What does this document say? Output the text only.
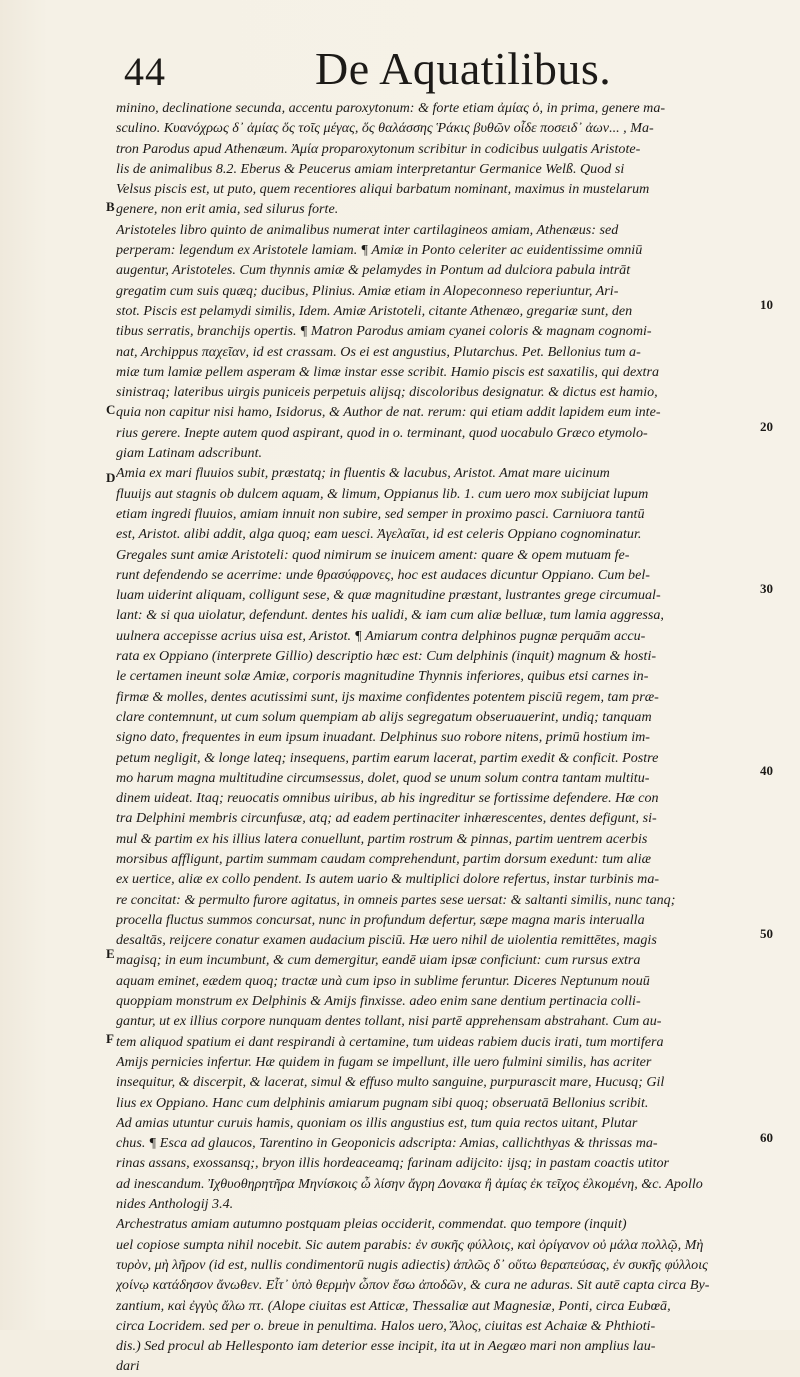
44	De Aquatilibus.
minino, declinatione secunda, accentu paroxytonum: & forte etiam ἀμίας ὁ, in prima, genere ma-
sculino. Κυανόχρως δ᾽ ἀμίας ὅς τοῖς μέγας, ὅς θαλάσσης Ῥάκις βυθῶν οἶδε ποσειδ᾽ ἀων... , Ma-
tron Parodus apud Athenæum. Ἀμία proparoxytonum scribitur in codicibus uulgatis Aristote-
lis de animalibus 8.2. Eberus & Peucerus amiam interpretantur Germanice Welß. Quod si
Velsus piscis est, ut puto, quem recentiores aliqui barbatum nominant, maximus in mustelarum
genere, non erit amia, sed silurus forte.
Aristoteles libro quinto de animalibus numerat inter cartilagineos amiam, Athenæus: sed
perperam: legendum ex Aristotele lamiam. ¶ Amiæ in Ponto celeriter ac euidentissime omniū
augentur, Aristoteles. Cum thynnis amiæ & pelamydes in Pontum ad dulciora pabula intrāt
gregatim cum suis quæq; ducibus, Plinius. Amiæ etiam in Alopeconneso reperiuntur, Ari-
stot. Piscis est pelamydi similis, Idem. Amiæ Aristoteli, citante Athenæo, gregariæ sunt, den
tibus serratis, branchijs opertis. ¶ Matron Parodus amiam cyanei coloris & magnam cognomi-
nat, Archippus παχεῖαν, id est crassam. Os ei est angustius, Plutarchus. Pet. Bellonius tum a-
miæ tum lamiæ pellem asperam & limæ instar esse scribit. Hamio piscis est saxatilis, qui dextra
sinistraq; lateribus uirgis puniceis perpetuis alijsq; discoloribus designatur. & dictus est hamio,
quia non capitur nisi hamo, Isidorus, & Author de nat. rerum: qui etiam addit lapidem eum inte-
rius gerere. Inepte autem quod aspirant, quod in o. terminant, quod uocabulo Græco etymolo-
giam Latinam adscribunt.
Amia ex mari fluuios subit, præstatq; in fluentis & lacubus, Aristot. Amat mare uicinum
fluuijs aut stagnis ob dulcem aquam, & limum, Oppianus lib. 1. cum uero mox subijciat lupum
etiam ingredi fluuios, amiam innuit non subire, sed semper in proximo pasci. Carniuora tantū
est, Aristot. alibi addit, alga quoq; eam uesci. Ἀγελαῖαι, id est celeris Oppiano cognominatur.
Gregales sunt amiæ Aristoteli: quod nimirum se inuicem ament: quare & opem mutuam fe-
runt defendendo se acerrime: unde θρασύφρονες, hoc est audaces dicuntur Oppiano. Cum bel-
luam uiderint aliquam, colligunt sese, & quæ magnitudine præstant, lustrantes grege circumual-
lant: & si qua uiolatur, defendunt. dentes his ualidi, & iam cum aliæ belluæ, tum lamia aggressa,
uulnera accepisse acrius uisa est, Aristot. ¶ Amiarum contra delphinos pugnæ perquām accu-
rata ex Oppiano (interprete Gillio) descriptio hæc est: Cum delphinis (inquit) magnum & hosti-
le certamen ineunt solæ Amiæ, corporis magnitudine Thynnis inferiores, quibus etsi carnes in-
firmæ & molles, dentes acutissimi sunt, ijs maxime confidentes potentem pisciū regem, tam præ-
clare contemnunt, ut cum solum quempiam ab alijs segregatum obseruauerint, undiq; tanquam
signo dato, frequentes in eum ipsum inuadant. Delphinus suo robore nitens, primū hostium im-
petum negligit, & longe lateq; insequens, partim earum lacerat, partim exedit & conficit. Postre
mo harum magna multitudine circumsessus, dolet, quod se unum solum contra tantam multitu-
dinem uideat. Itaq; reuocatis omnibus uiribus, ab his ingreditur se fortissime defendere. Hæ con
tra Delphini membris circunfusæ, atq; ad eadem pertinaciter inhærescentes, dentes defigunt, si-
mul & partim ex his illius latera conuellunt, partim rostrum & pinnas, partim uentrem acerbis
morsibus affligunt, partim summam caudam comprehendunt, partim dorsum exedunt: tum aliæ
ex uertice, aliæ ex collo pendent. Is autem uario & multiplici dolore refertus, instar turbinis ma-
re concitat: & permulto furore agitatus, in omneis partes sese uersat: & saltanti similis, nunc tanq;
procella fluctus summos concursat, nunc in profundum defertur, sæpe magna maris interualla
desaltās, reijcere conatur examen audacium pisciū. Hæ uero nihil de uiolentia remittētes, magis
magisq; in eum incumbunt, & cum demergitur, eandē uiam ipsæ conficiunt: cum rursus extra
aquam eminet, eædem quoq; tractæ unà cum ipso in sublime feruntur. Diceres Neptunum nouū
quoppiam monstrum ex Delphinis & Amijs finxisse. adeo enim sane dentium pertinacia colli-
gantur, ut ex illius corpore nunquam dentes tollant, nisi partē apprehensam abstrahant. Cum au-
tem aliquod spatium ei dant respirandi à certamine, tum uideas rabiem ducis irati, tum mortifera
Amijs pernicies infertur. Hæ quidem in fugam se impellunt, ille uero fulmini similis, has acriter
insequitur, & discerpit, & lacerat, simul & effuso multo sanguine, purpurascit mare, Hucusq; Gil
lius ex Oppiano. Hanc cum delphinis amiarum pugnam sibi quoq; obseruatā Bellonius scribit.
Ad amias utuntur curuis hamis, quoniam os illis angustius est, tum quia rectos uitant, Plutar
chus. ¶ Esca ad glaucos, Tarentino in Geoponicis adscripta: Amias, callichthyas & thrissas ma-
rinas assans, exossansq;, bryon illis hordeaceamq; farinam adijcito: ijsq; in pastam coactis utitor
ad inescandum. Ἰχθυοθηρητῆρα Μηνίσκοις ὦ λίσην ἄγρη Δονακα ἢ ἀμίας ἐκ τεῖχος ἐλκομένη, &c. Apollo
nides Anthologij 3.4.
Archestratus amiam autumno postquam pleias occiderit, commendat. quo tempore (inquit)
uel copiose sumpta nihil nocebit. Sic autem parabis: ἐν συκῆς φύλλοις, καὶ ὀρίγανον οὐ μάλα πολλῷ, Μὴ
τυρὸν, μὴ λῆρον (id est, nullis condimentorū nugis adiectis) ἁπλῶς δ᾽ οὕτω θεραπεύσας, ἐν συκῆς φύλλοις
χοίνῳ κατάδησον ἄνωθεν. Εἶτ᾽ ὑπὸ θερμὴν ὦπον ἔσω ἀποδῶν, & cura ne aduras. Sit autē capta circa By-
zantium, καὶ ἐγγὺς ἄλω πτ. (Alope ciuitas est Atticæ, Thessaliæ aut Magnesiæ, Ponti, circa Eubœā,
circa Locridem. sed per o. breue in penultima. Halos uero, Ἅλος, ciuitas est Achaiæ & Phthioti-
dis.) Sed procul ab Hellesponto iam deterior esse incipit, ita ut in Aegæo mari non amplius lau-
dari
B
C
D
E
F
10
20
30
40
50
60
